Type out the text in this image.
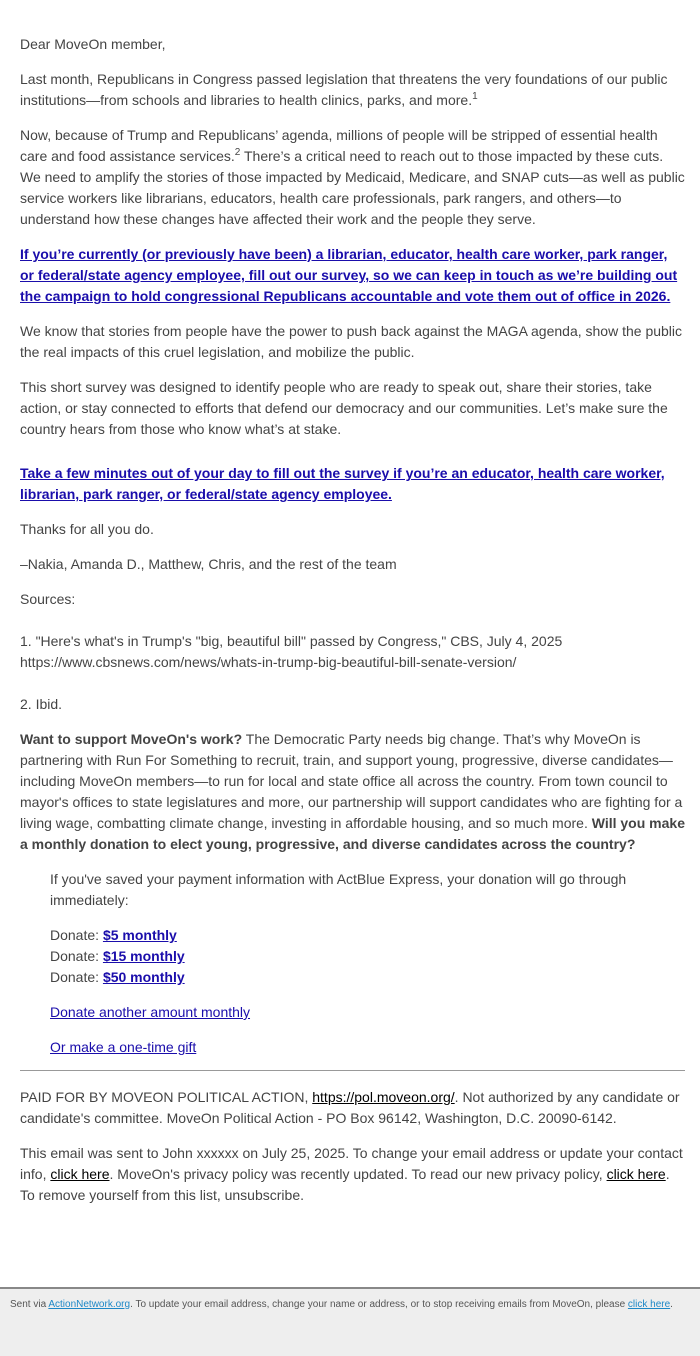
Dear MoveOn member,

Last month, Republicans in Congress passed legislation that threatens the very foundations of our public institutions—from schools and libraries to health clinics, parks, and more.$^1$

Now, because of Trump and Republicans’ agenda, millions of people will be stripped of essential health care and food assistance services.$^2$ There’s a critical need to reach out to those impacted by these cuts. We need to amplify the stories of those impacted by Medicaid, Medicare, and SNAP cuts—as well as public service workers like librarians, educators, health care professionals, park rangers, and others—to understand how these changes have affected their work and the people they serve.

If you’re currently (or previously have been) a librarian, educator, health care worker, park ranger, or federal/state agency employee, fill out our survey, so we can keep in touch as we’re building out the campaign to hold congressional Republicans accountable and vote them out of office in 2026.

We know that stories from people have the power to push back against the MAGA agenda, show the public the real impacts of this cruel legislation, and mobilize the public.

This short survey was designed to identify people who are ready to speak out, share their stories, take action, or stay connected to efforts that defend our democracy and our communities. Let’s make sure the country hears from those who know what’s at stake.

Take a few minutes out of your day to fill out the survey if you’re an educator, health care worker, librarian, park ranger, or federal/state agency employee.

Thanks for all you do.

–Nakia, Amanda D., Matthew, Chris, and the rest of the team

Sources:

1. "Here's what's in Trump's "big, beautiful bill" passed by Congress," CBS, July 4, 2025
https://www.cbsnews.com/news/whats-in-trump-big-beautiful-bill-senate-version/

2. Ibid.

Want to support MoveOn's work? The Democratic Party needs big change. That’s why MoveOn is partnering with Run For Something to recruit, train, and support young, progressive, diverse candidates—including MoveOn members—to run for local and state office all across the country. From town council to mayor's offices to state legislatures and more, our partnership will support candidates who are fighting for a living wage, combatting climate change, investing in affordable housing, and so much more. Will you make a monthly donation to elect young, progressive, and diverse candidates across the country?

If you've saved your payment information with ActBlue Express, your donation will go through immediately:

Donate: $5 monthly

Donate: $15 monthly

Donate: $50 monthly

Donate another amount monthly

Or make a one-time gift

PAID FOR BY MOVEON POLITICAL ACTION, https://pol.moveon.org/. Not authorized by any candidate or candidate's committee. MoveOn Political Action - PO Box 96142, Washington, D.C. 20090-6142.

This email was sent to John xxxxxx on July 25, 2025. To change your email address or update your contact info, click here. MoveOn's privacy policy was recently updated. To read our new privacy policy, click here. To remove yourself from this list, unsubscribe.

Sent via ActionNetwork.org. To update your email address, change your name or address, or to stop receiving emails from MoveOn, please click here.
